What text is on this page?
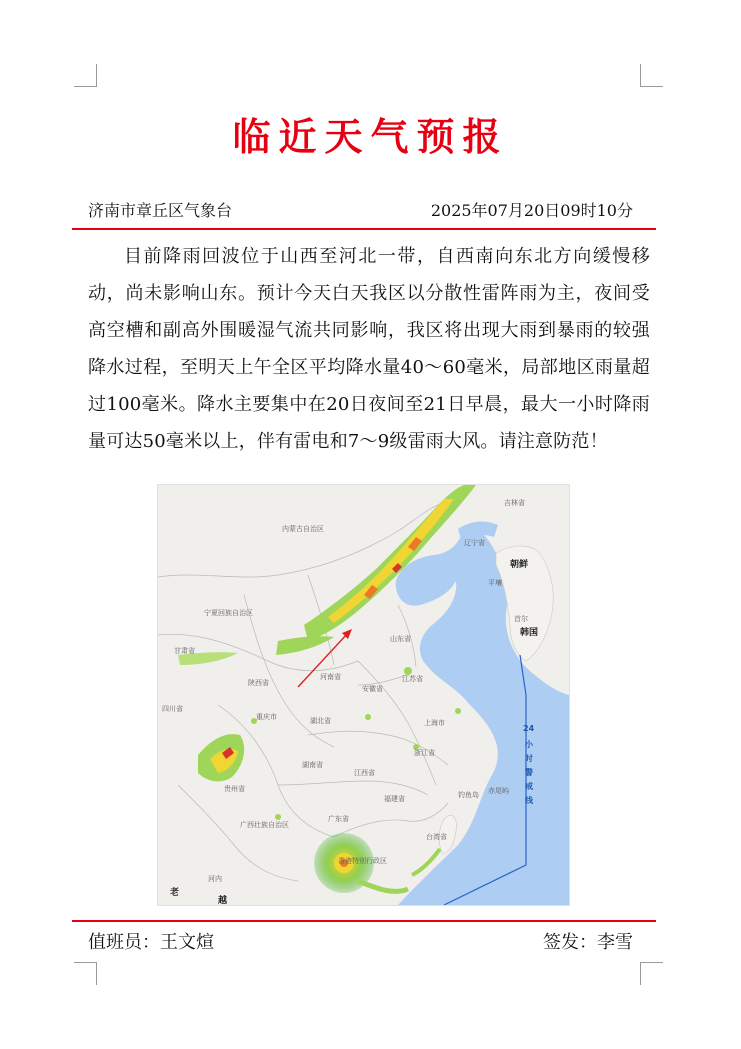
临近天气预报
济南市章丘区气象台	2025年07月20日09时10分

目前降雨回波位于山西至河北一带，自西南向东北方向缓慢移动，尚未影响山东。预计今天白天我区以分散性雷阵雨为主，夜间受高空槽和副高外围暖湿气流共同影响，我区将出现大雨到暴雨的较强降水过程，至明天上午全区平均降水量40～60毫米，局部地区雨量超过100毫米。降水主要集中在20日夜间至21日早晨，最大一小时降雨量可达50毫米以上，伴有雷电和7～9级雷雨大风。请注意防范！

吉林省
内蒙古自治区
辽宁省
朝鲜
平壤
宁夏回族自治区
首尔
韩国
山东省
甘肃省
河南省	江苏省
安徽省
陕西省
四川省
重庆市	湖北省	上海市
浙江省
湖南省
江西省
贵州省
钓鱼岛 赤尾屿
福建省
广西壮族自治区
广东省
台湾省
香港特别行政区
河内
老
越
24
小
时
警
戒
线
值班员：王文煊	签发：李雪
